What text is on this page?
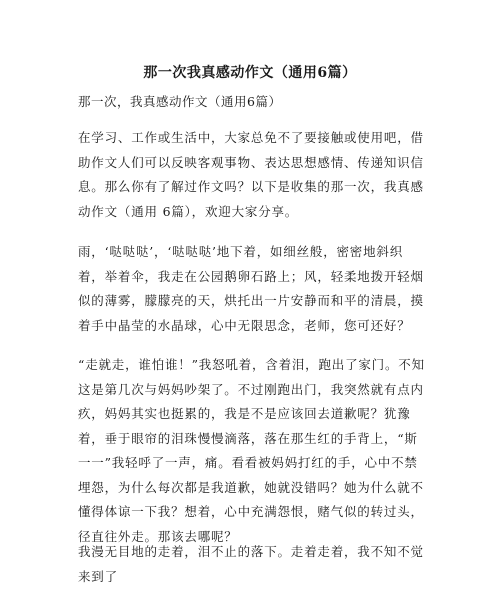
那一次我真感动作文（通用6篇）
那一次，我真感动作文（通用6篇）

在学习、工作或生活中，大家总免不了要接触或使用吧，借助作文人们可以反映客观事物、表达思想感情、传递知识信息。那么你有了解过作文吗？以下是收集的那一次，我真感动作文（通用 6篇），欢迎大家分享。

雨，‘哒哒哒’，‘哒哒哒’地下着，如细丝般，密密地斜织着，举着伞，我走在公园鹅卵石路上；风，轻柔地拨开轻烟似的薄雾，朦朦亮的天，烘托出一片安静而和平的清晨，摸着手中晶莹的水晶球，心中无限思念，老师，您可还好？

“走就走，谁怕谁！”我怒吼着，含着泪，跑出了家门。不知这是第几次与妈妈吵架了。不过刚跑出门，我突然就有点内疚，妈妈其实也挺累的，我是不是应该回去道歉呢？犹豫着，垂于眼帘的泪珠慢慢滴落，落在那生红的手背上，“斯一一”我轻呼了一声，痛。看看被妈妈打红的手，心中不禁埋怨，为什么每次都是我道歉，她就没错吗？她为什么就不懂得体谅一下我？想着，心中充满怨恨，赌气似的转过头，径直往外走。那该去哪呢？

我漫无目地的走着，泪不止的落下。走着走着，我不知不觉来到了
